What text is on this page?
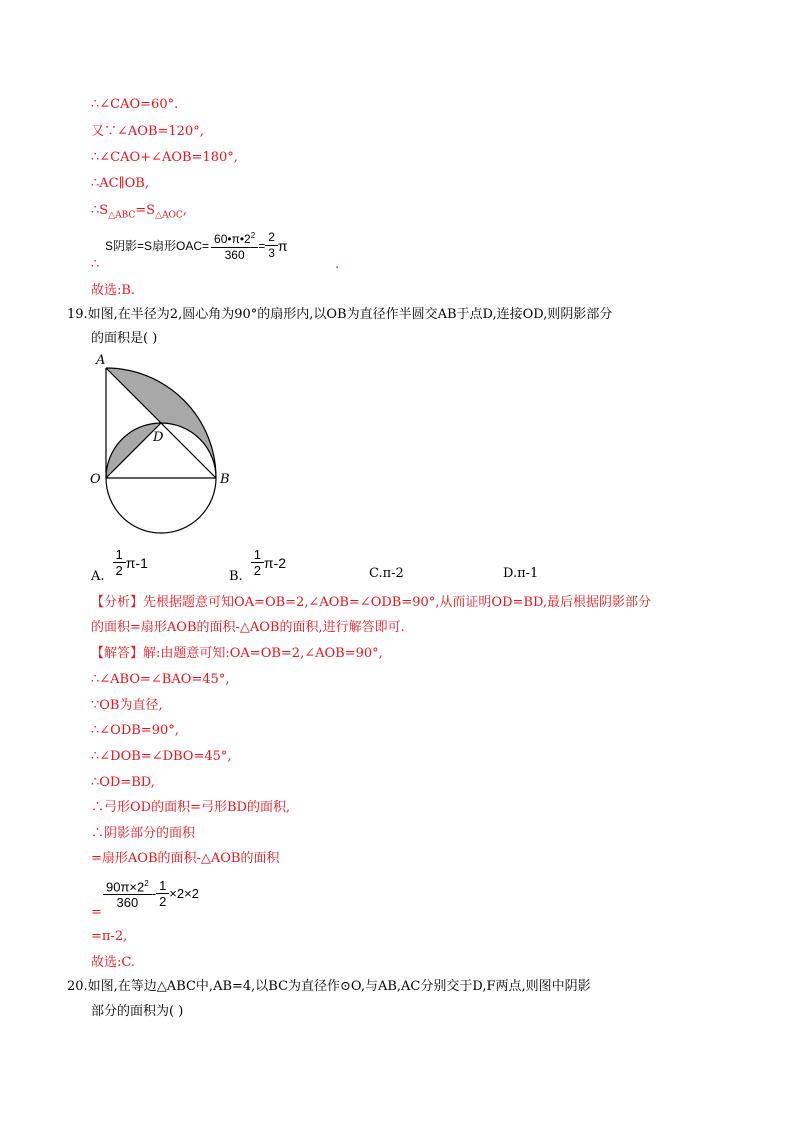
∴∠CAO=60°.
又∵∠AOB=120°,
∴∠CAO+∠AOB=180°,
∴AC∥OB,
$\therefore S_{\triangle ABC}=S_{\triangle AOC}$,
∴
S阴影=S扇形$OAC= \frac{60•\pi•2^2}{360} = \frac{2}{3}$ π
.
故选:B.
19.如图,在半径为2,圆心角为90°的扇形内,以OB为直径作半圆交AB于点D,连接OD,则阴影部分
的面积是( )
A
D
O	B
A. $\frac{1}{2} \pi-1$
B. $\frac{1}{2} \pi-2$
C.π-2	D.π-1
【分析】先根据题意可知OA=OB=2,∠AOB=∠ODB=90°,从而证明OD=BD,最后根据阴影部分
的面积=扇形AOB的面积-△AOB的面积,进行解答即可.
【解答】解:由题意可知:OA=OB=2,∠AOB=90°,
∴∠ABO=∠BAO=45°,
∵OB为直径,
∴∠ODB=90°,
∴∠DOB=∠DBO=45°,
∴OD=BD,
∴弓形OD的面积=弓形BD的面积,
∴阴影部分的面积
=扇形AOB的面积-△AOB的面积
=
$\frac{90\pi\times 2^2}{360} - \frac{1}{2} \times 2\times 2$
=π-2,
故选:C.
20.如图,在等边△ABC中,AB=4,以BC为直径作⊙O,与AB,AC分别交于D,F两点,则图中阴影
部分的面积为( )
